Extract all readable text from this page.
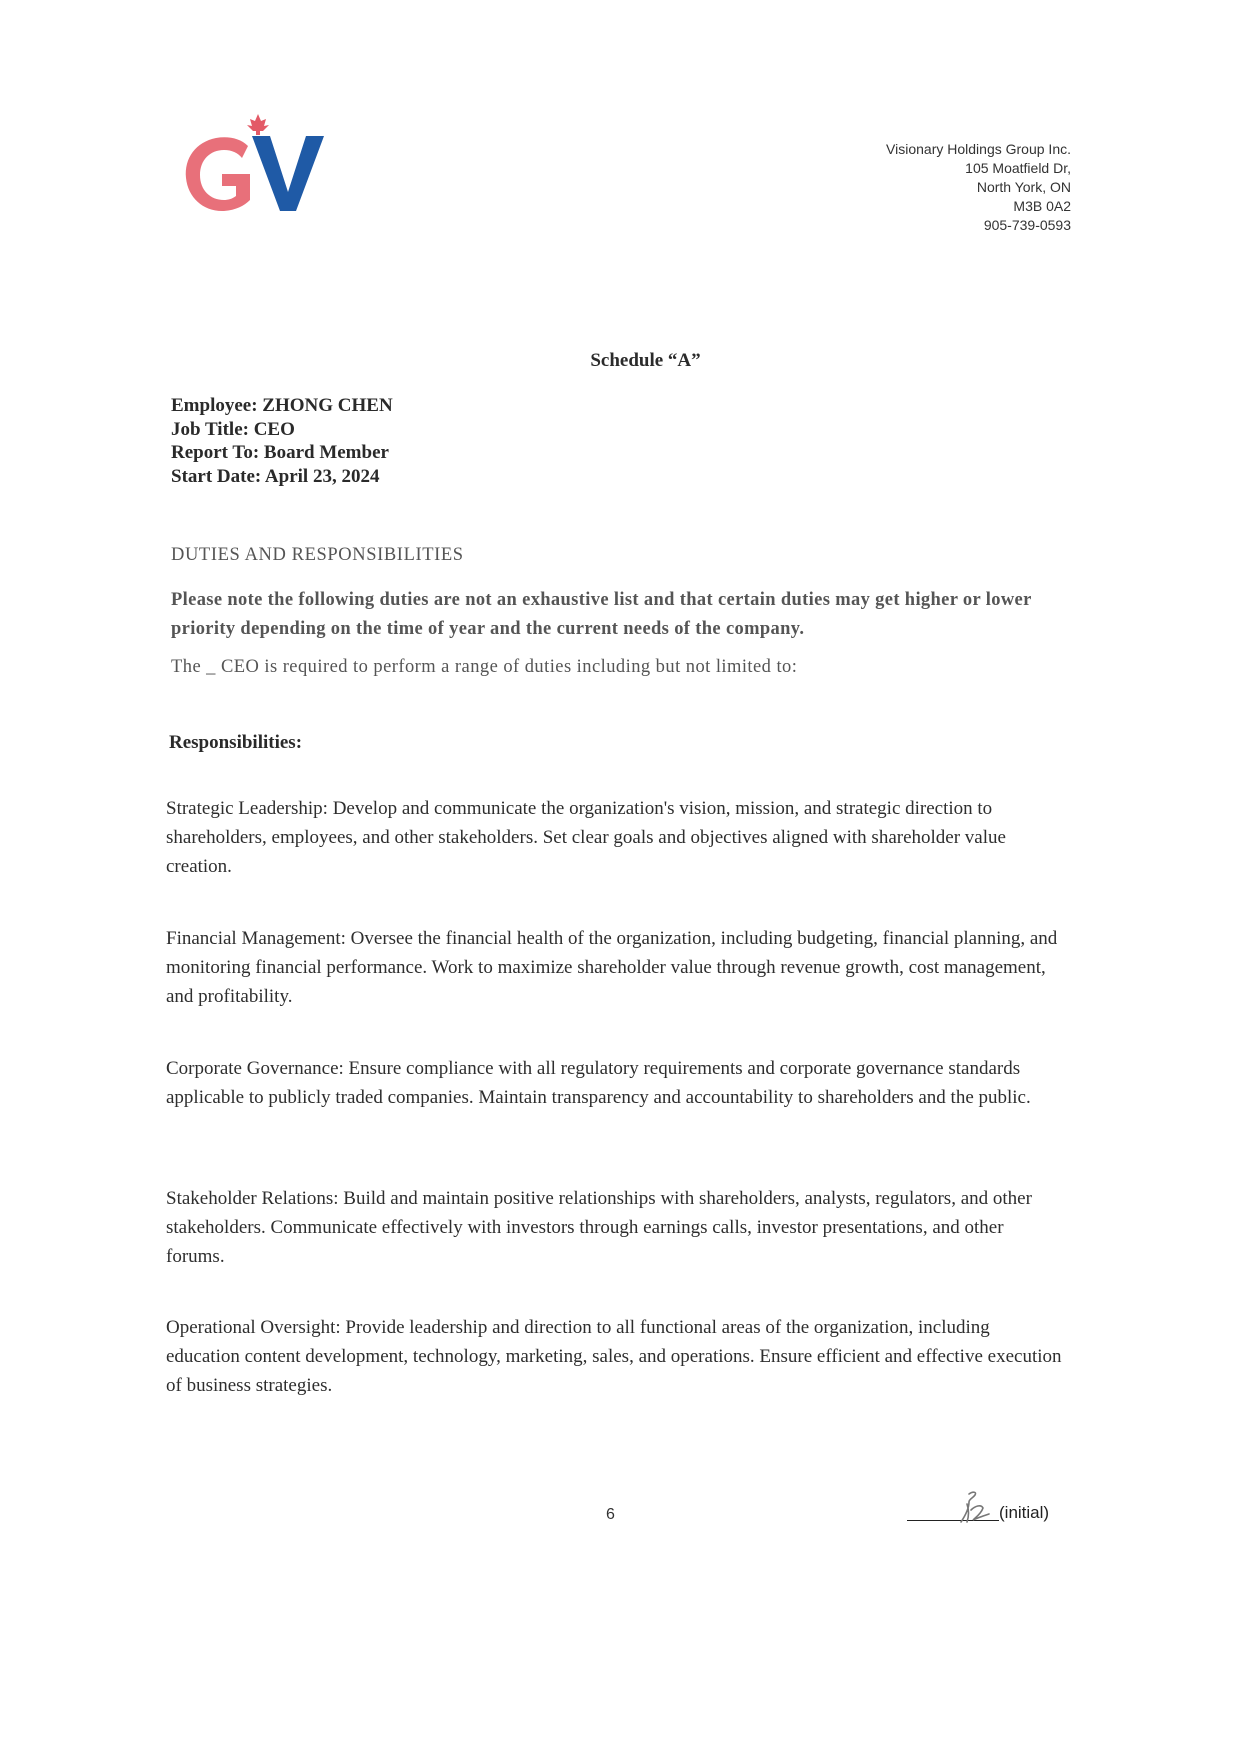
Visionary Holdings Group Inc.
105 Moatfield Dr,
North York, ON
M3B 0A2
905-739-0593
Schedule “A”
Employee: ZHONG CHEN
Job Title: CEO
Report To: Board Member
Start Date: April 23, 2024
DUTIES AND RESPONSIBILITIES
Please note the following duties are not an exhaustive list and that certain duties may get higher or lower priority depending on the time of year and the current needs of the company.
The _ CEO is required to perform a range of duties including but not limited to:
Responsibilities:
Strategic Leadership: Develop and communicate the organization's vision, mission, and strategic direction to shareholders, employees, and other stakeholders. Set clear goals and objectives aligned with shareholder value creation.
Financial Management: Oversee the financial health of the organization, including budgeting, financial planning, and monitoring financial performance. Work to maximize shareholder value through revenue growth, cost management, and profitability.
Corporate Governance: Ensure compliance with all regulatory requirements and corporate governance standards applicable to publicly traded companies. Maintain transparency and accountability to shareholders and the public.
Stakeholder Relations: Build and maintain positive relationships with shareholders, analysts, regulators, and other stakeholders. Communicate effectively with investors through earnings calls, investor presentations, and other forums.
Operational Oversight: Provide leadership and direction to all functional areas of the organization, including education content development, technology, marketing, sales, and operations. Ensure efficient and effective execution of business strategies.
6	(initial)
